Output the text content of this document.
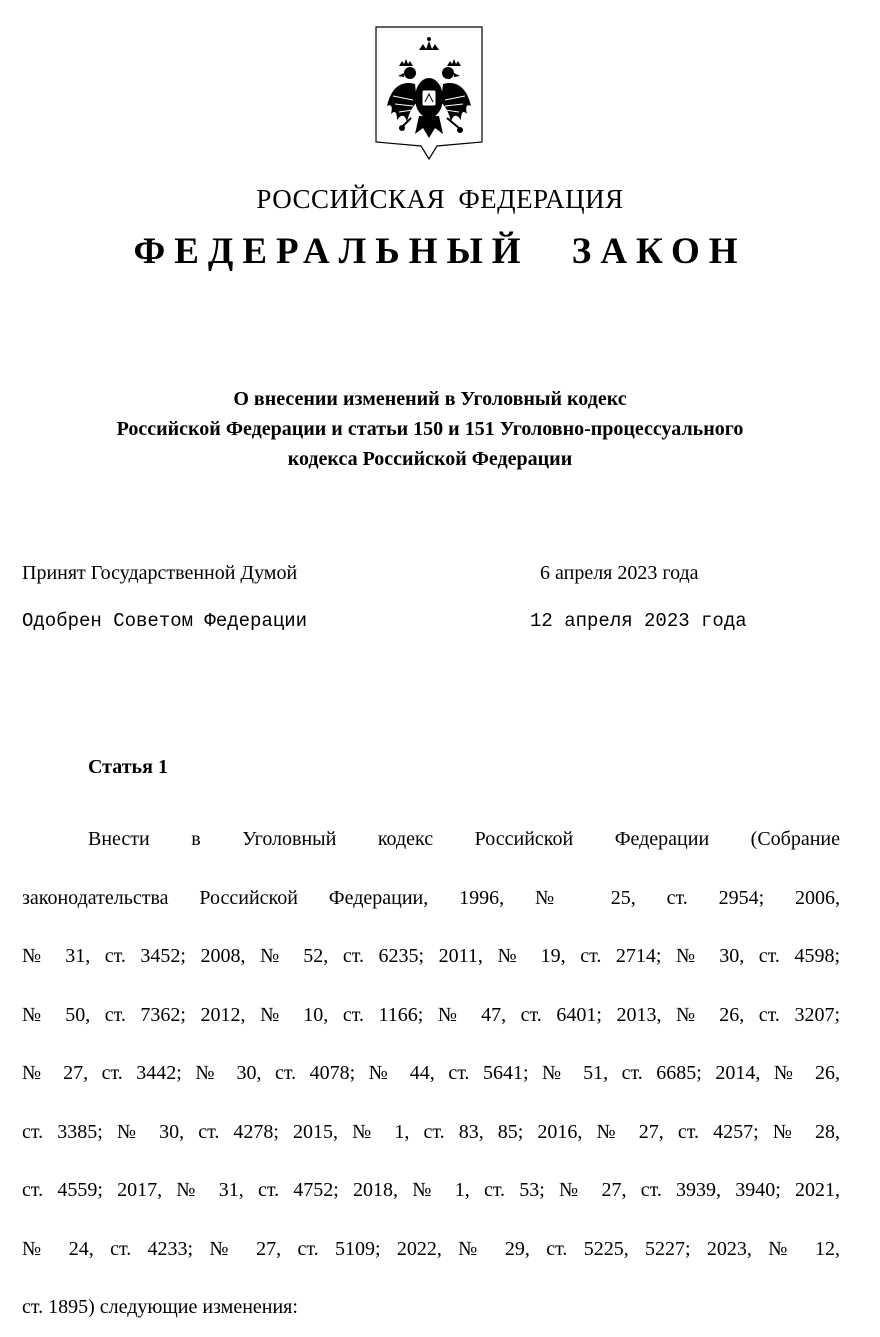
РОССИЙСКАЯ ФЕДЕРАЦИЯ
ФЕДЕРАЛЬНЫЙ ЗАКОН
О внесении изменений в Уголовный кодекс
Российской Федерации и статьи 150 и 151 Уголовно-процессуального
кодекса Российской Федерации
Принят Государственной Думой	6 апреля 2023 года
Одобрен Советом Федерации	12 апреля 2023 года
Статья 1
Внести в Уголовный кодекс Российской Федерации (Собрание
законодательства Российской Федерации, 1996, № 25, ст. 2954; 2006,
№ 31, ст. 3452; 2008, № 52, ст. 6235; 2011, № 19, ст. 2714; № 30, ст. 4598;
№ 50, ст. 7362; 2012, № 10, ст. 1166; № 47, ст. 6401; 2013, № 26, ст. 3207;
№ 27, ст. 3442; № 30, ст. 4078; № 44, ст. 5641; № 51, ст. 6685; 2014, № 26,
ст. 3385; № 30, ст. 4278; 2015, № 1, ст. 83, 85; 2016, № 27, ст. 4257; № 28,
ст. 4559; 2017, № 31, ст. 4752; 2018, № 1, ст. 53; № 27, ст. 3939, 3940; 2021,
№ 24, ст. 4233; № 27, ст. 5109; 2022, № 29, ст. 5225, 5227; 2023, № 12,
ст. 1895) следующие изменения:
